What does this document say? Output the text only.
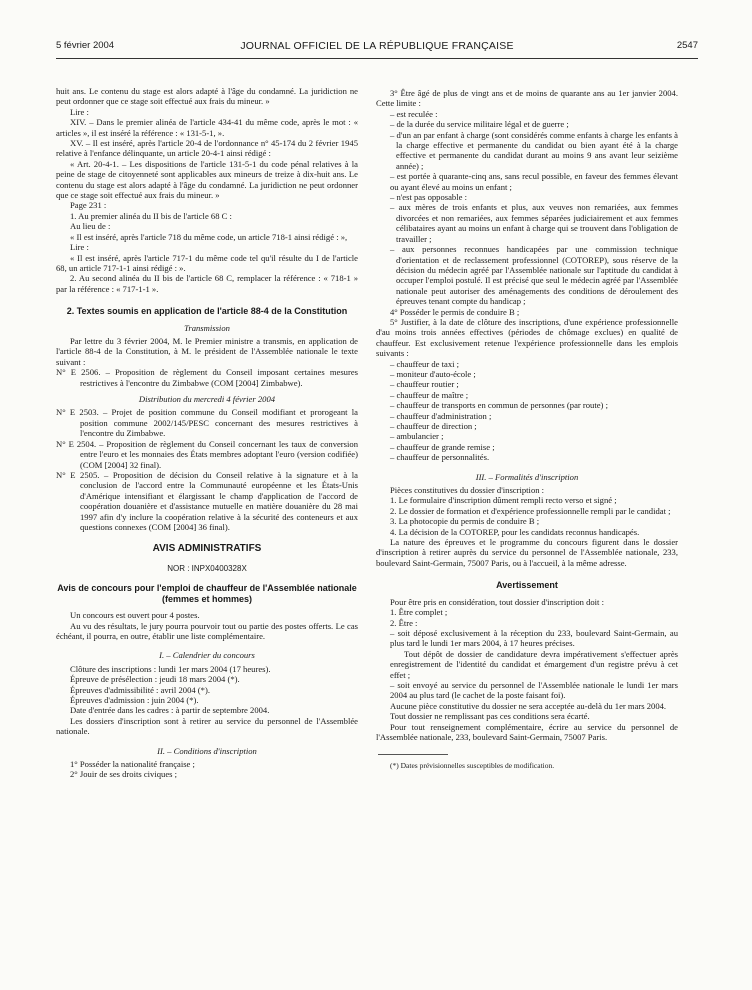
5 février 2004	JOURNAL OFFICIEL DE LA RÉPUBLIQUE FRANÇAISE	2547

huit ans. Le contenu du stage est alors adapté à l'âge du condamné. La juridiction ne peut ordonner que ce stage soit effectué aux frais du mineur. »

Lire :

XIV. – Dans le premier alinéa de l'article 434-41 du même code, après le mot : « articles », il est inséré la référence : « 131-5-1, ».

XV. – Il est inséré, après l'article 20-4 de l'ordonnance n° 45-174 du 2 février 1945 relative à l'enfance délinquante, un article 20-4-1 ainsi rédigé :

« Art. 20-4-1. – Les dispositions de l'article 131-5-1 du code pénal relatives à la peine de stage de citoyenneté sont applicables aux mineurs de treize à dix-huit ans. Le contenu du stage est alors adapté à l'âge du condamné. La juridiction ne peut ordonner que ce stage soit effectué aux frais du mineur. »

Page 231 :

1. Au premier alinéa du II bis de l'article 68 C :

Au lieu de :

« Il est inséré, après l'article 718 du même code, un article 718-1 ainsi rédigé : »,

Lire :

« Il est inséré, après l'article 717-1 du même code tel qu'il résulte du I de l'article 68, un article 717-1-1 ainsi rédigé : ».

2. Au second alinéa du II bis de l'article 68 C, remplacer la référence : « 718-1 » par la référence : « 717-1-1 ».

2. Textes soumis en application de l'article 88-4 de la Constitution

Transmission

Par lettre du 3 février 2004, M. le Premier ministre a transmis, en application de l'article 88-4 de la Constitution, à M. le président de l'Assemblée nationale le texte suivant :

N° E 2506. – Proposition de règlement du Conseil imposant certaines mesures restrictives à l'encontre du Zimbabwe (COM [2004] Zimbabwe).

Distribution du mercredi 4 février 2004

N° E 2503. – Projet de position commune du Conseil modifiant et prorogeant la position commune 2002/145/PESC concernant des mesures restrictives à l'encontre du Zimbabwe.

N° E 2504. – Proposition de règlement du Conseil concernant les taux de conversion entre l'euro et les monnaies des États membres adoptant l'euro (version codifiée) (COM [2004] 32 final).

N° E 2505. – Proposition de décision du Conseil relative à la signature et à la conclusion de l'accord entre la Communauté européenne et les États-Unis d'Amérique intensifiant et élargissant le champ d'application de l'accord de coopération douanière et d'assistance mutuelle en matière douanière du 28 mai 1997 afin d'y inclure la coopération relative à la sécurité des conteneurs et aux questions connexes (COM [2004] 36 final).

AVIS ADMINISTRATIFS

NOR : INPX0400328X

Avis de concours pour l'emploi de chauffeur de l'Assemblée nationale (femmes et hommes)

Un concours est ouvert pour 4 postes.

Au vu des résultats, le jury pourra pourvoir tout ou partie des postes offerts. Le cas échéant, il pourra, en outre, établir une liste complémentaire.

I. – Calendrier du concours

Clôture des inscriptions : lundi 1er mars 2004 (17 heures).

Épreuve de présélection : jeudi 18 mars 2004 (*).

Épreuves d'admissibilité : avril 2004 (*).

Épreuves d'admission : juin 2004 (*).

Date d'entrée dans les cadres : à partir de septembre 2004.

Les dossiers d'inscription sont à retirer au service du personnel de l'Assemblée nationale.

II. – Conditions d'inscription

1° Posséder la nationalité française ;

2° Jouir de ses droits civiques ;

3° Être âgé de plus de vingt ans et de moins de quarante ans au 1er janvier 2004. Cette limite :

– est reculée :

– de la durée du service militaire légal et de guerre ;

– d'un an par enfant à charge (sont considérés comme enfants à charge les enfants à la charge effective et permanente du candidat ou bien ayant été à la charge effective et permanente du candidat durant au moins 9 ans avant leur seizième année) ;

– est portée à quarante-cinq ans, sans recul possible, en faveur des femmes élevant ou ayant élevé au moins un enfant ;

– n'est pas opposable :

– aux mères de trois enfants et plus, aux veuves non remariées, aux femmes divorcées et non remariées, aux femmes séparées judiciairement et aux femmes célibataires ayant au moins un enfant à charge qui se trouvent dans l'obligation de travailler ;

– aux personnes reconnues handicapées par une commission technique d'orientation et de reclassement professionnel (COTOREP), sous réserve de la décision du médecin agréé par l'Assemblée nationale sur l'aptitude du candidat à occuper l'emploi postulé. Il est précisé que seul le médecin agréé par l'Assemblée nationale peut autoriser des aménagements des conditions de déroulement des épreuves tenant compte du handicap ;

4° Posséder le permis de conduire B ;

5° Justifier, à la date de clôture des inscriptions, d'une expérience professionnelle d'au moins trois années effectives (périodes de chômage exclues) en qualité de chauffeur. Est exclusivement retenue l'expérience professionnelle dans les emplois suivants :

– chauffeur de taxi ;

– moniteur d'auto-école ;

– chauffeur routier ;

– chauffeur de maître ;

– chauffeur de transports en commun de personnes (par route) ;

– chauffeur d'administration ;

– chauffeur de direction ;

– ambulancier ;

– chauffeur de grande remise ;

– chauffeur de personnalités.

III. – Formalités d'inscription

Pièces constitutives du dossier d'inscription :

1. Le formulaire d'inscription dûment rempli recto verso et signé ;

2. Le dossier de formation et d'expérience professionnelle rempli par le candidat ;

3. La photocopie du permis de conduire B ;

4. La décision de la COTOREP, pour les candidats reconnus handicapés.

La nature des épreuves et le programme du concours figurent dans le dossier d'inscription à retirer auprès du service du personnel de l'Assemblée nationale, 233, boulevard Saint-Germain, 75007 Paris, ou à l'accueil, à la même adresse.

Avertissement

Pour être pris en considération, tout dossier d'inscription doit :

1. Être complet ;

2. Être :

– soit déposé exclusivement à la réception du 233, boulevard Saint-Germain, au plus tard le lundi 1er mars 2004, à 17 heures précises.

Tout dépôt de dossier de candidature devra impérativement s'effectuer après enregistrement de l'identité du candidat et émargement d'un registre prévu à cet effet ;

– soit envoyé au service du personnel de l'Assemblée nationale le lundi 1er mars 2004 au plus tard (le cachet de la poste faisant foi).

Aucune pièce constitutive du dossier ne sera acceptée au-delà du 1er mars 2004.

Tout dossier ne remplissant pas ces conditions sera écarté.

Pour tout renseignement complémentaire, écrire au service du personnel de l'Assemblée nationale, 233, boulevard Saint-Germain, 75007 Paris.

(*) Dates prévisionnelles susceptibles de modification.
